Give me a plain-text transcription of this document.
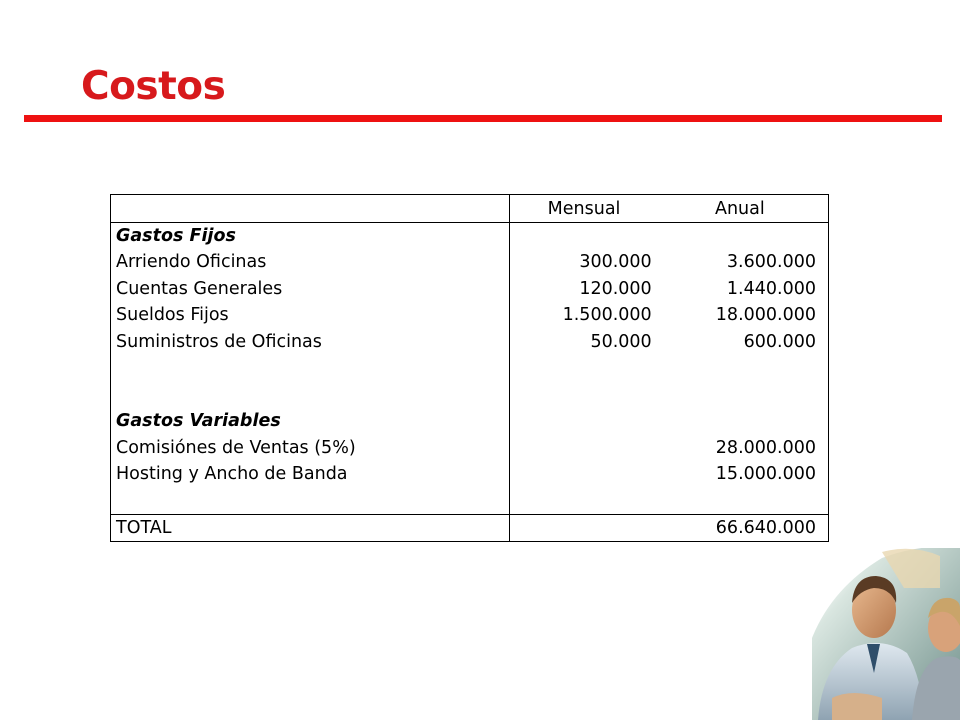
Costos
	Mensual	Anual
Gastos Fijos		
Arriendo Oficinas	300.000	3.600.000
Cuentas Generales	120.000	1.440.000
Sueldos Fijos	1.500.000	18.000.000
Suministros de Oficinas	50.000	600.000

Gastos Variables		
Comisiónes de Ventas (5%)		28.000.000
Hosting y Ancho de Banda		15.000.000

TOTAL		66.640.000
